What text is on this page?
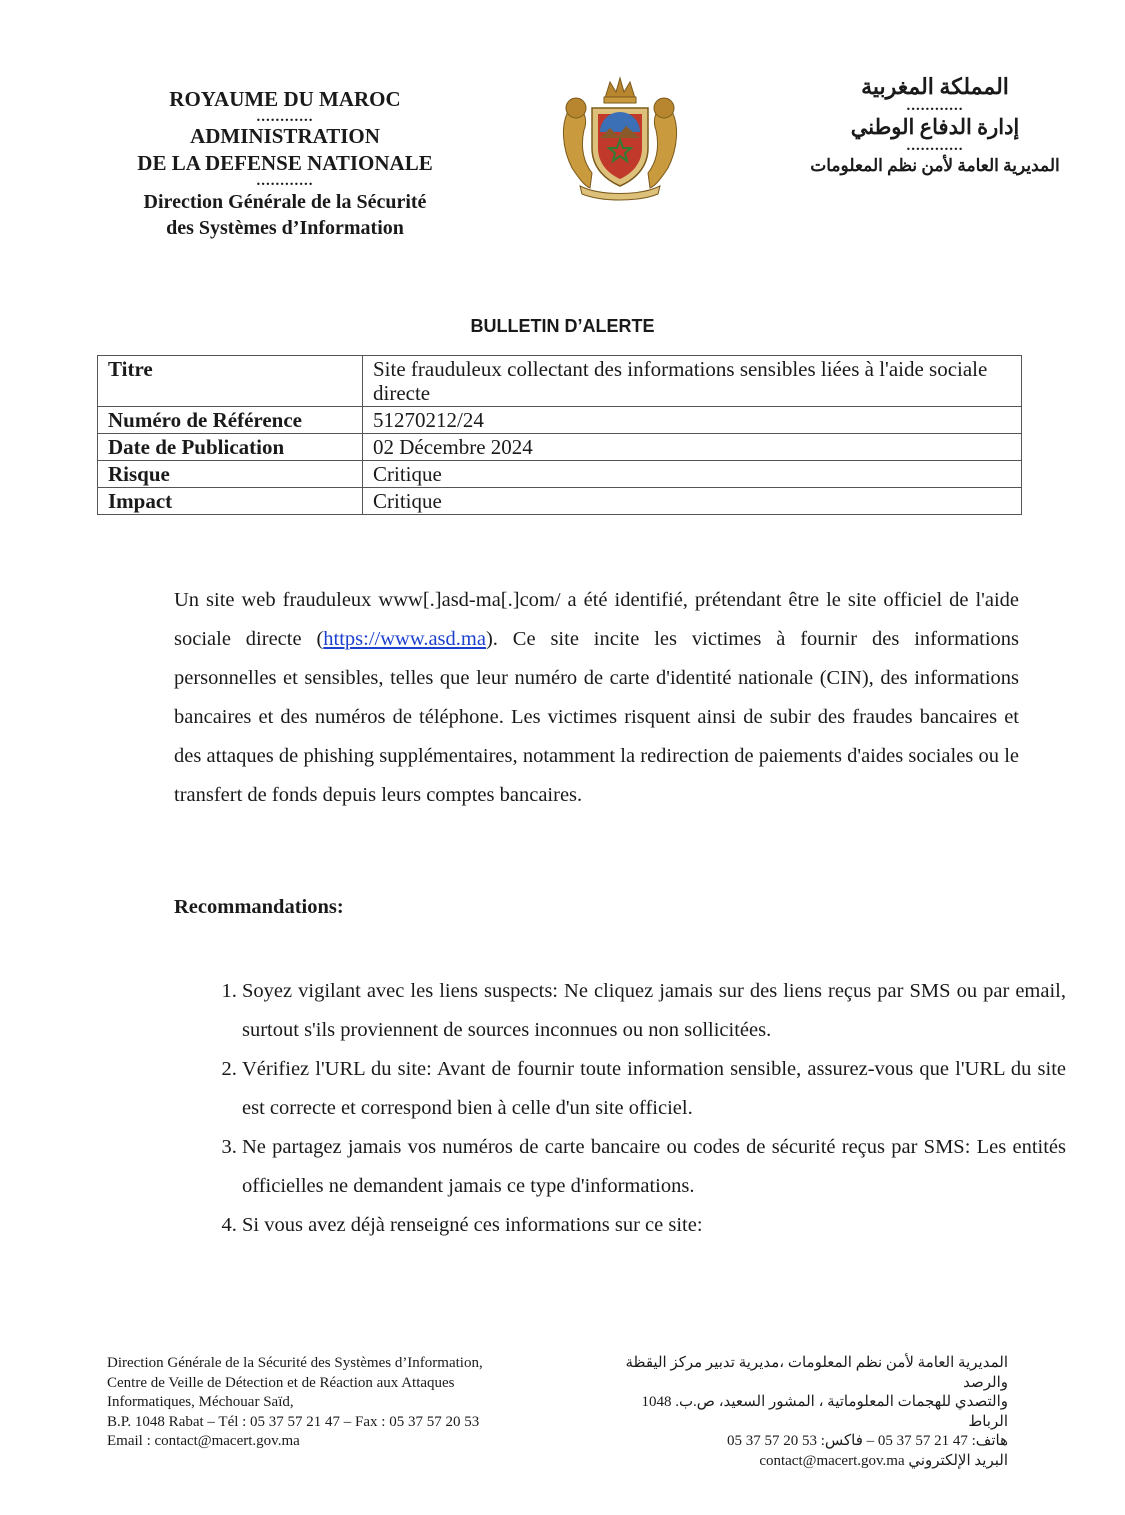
ROYAUME DU MAROC
............
ADMINISTRATION
DE LA DEFENSE NATIONALE
............
Direction Générale de la Sécurité
des Systèmes d’Information
المملكة المغربية
............
إدارة الدفاع الوطني
............
المديرية العامة لأمن نظم المعلومات
BULLETIN D’ALERTE
Titre	Site frauduleux collectant des informations sensibles liées à l'aide sociale directe
Numéro de Référence	51270212/24
Date de Publication	02 Décembre 2024
Risque	Critique
Impact	Critique
Un site web frauduleux www[.]asd-ma[.]com/ a été identifié, prétendant être le site officiel de l'aide sociale directe (https://www.asd.ma). Ce site incite les victimes à fournir des informations personnelles et sensibles, telles que leur numéro de carte d'identité nationale (CIN), des informations bancaires et des numéros de téléphone. Les victimes risquent ainsi de subir des fraudes bancaires et des attaques de phishing supplémentaires, notamment la redirection de paiements d'aides sociales ou le transfert de fonds depuis leurs comptes bancaires.
Recommandations:
1. Soyez vigilant avec les liens suspects: Ne cliquez jamais sur des liens reçus par SMS ou par email, surtout s'ils proviennent de sources inconnues ou non sollicitées.
2. Vérifiez l'URL du site: Avant de fournir toute information sensible, assurez-vous que l'URL du site est correcte et correspond bien à celle d'un site officiel.
3. Ne partagez jamais vos numéros de carte bancaire ou codes de sécurité reçus par SMS: Les entités officielles ne demandent jamais ce type d'informations.
4. Si vous avez déjà renseigné ces informations sur ce site:
Direction Générale de la Sécurité des Systèmes d’Information,
Centre de Veille de Détection et de Réaction aux Attaques
Informatiques, Méchouar Saïd,
B.P. 1048 Rabat – Tél : 05 37 57 21 47 – Fax : 05 37 57 20 53
Email : contact@macert.gov.ma
المديرية العامة لأمن نظم المعلومات ،مديرية تدبير مركز اليقظة والرصد
والتصدي للهجمات المعلوماتية ، المشور السعيد، ص.ب. 1048 الرباط
هاتف: 47 21 57 37 05 – فاكس: 53 20 57 37 05
البريد الإلكتروني contact@macert.gov.ma
